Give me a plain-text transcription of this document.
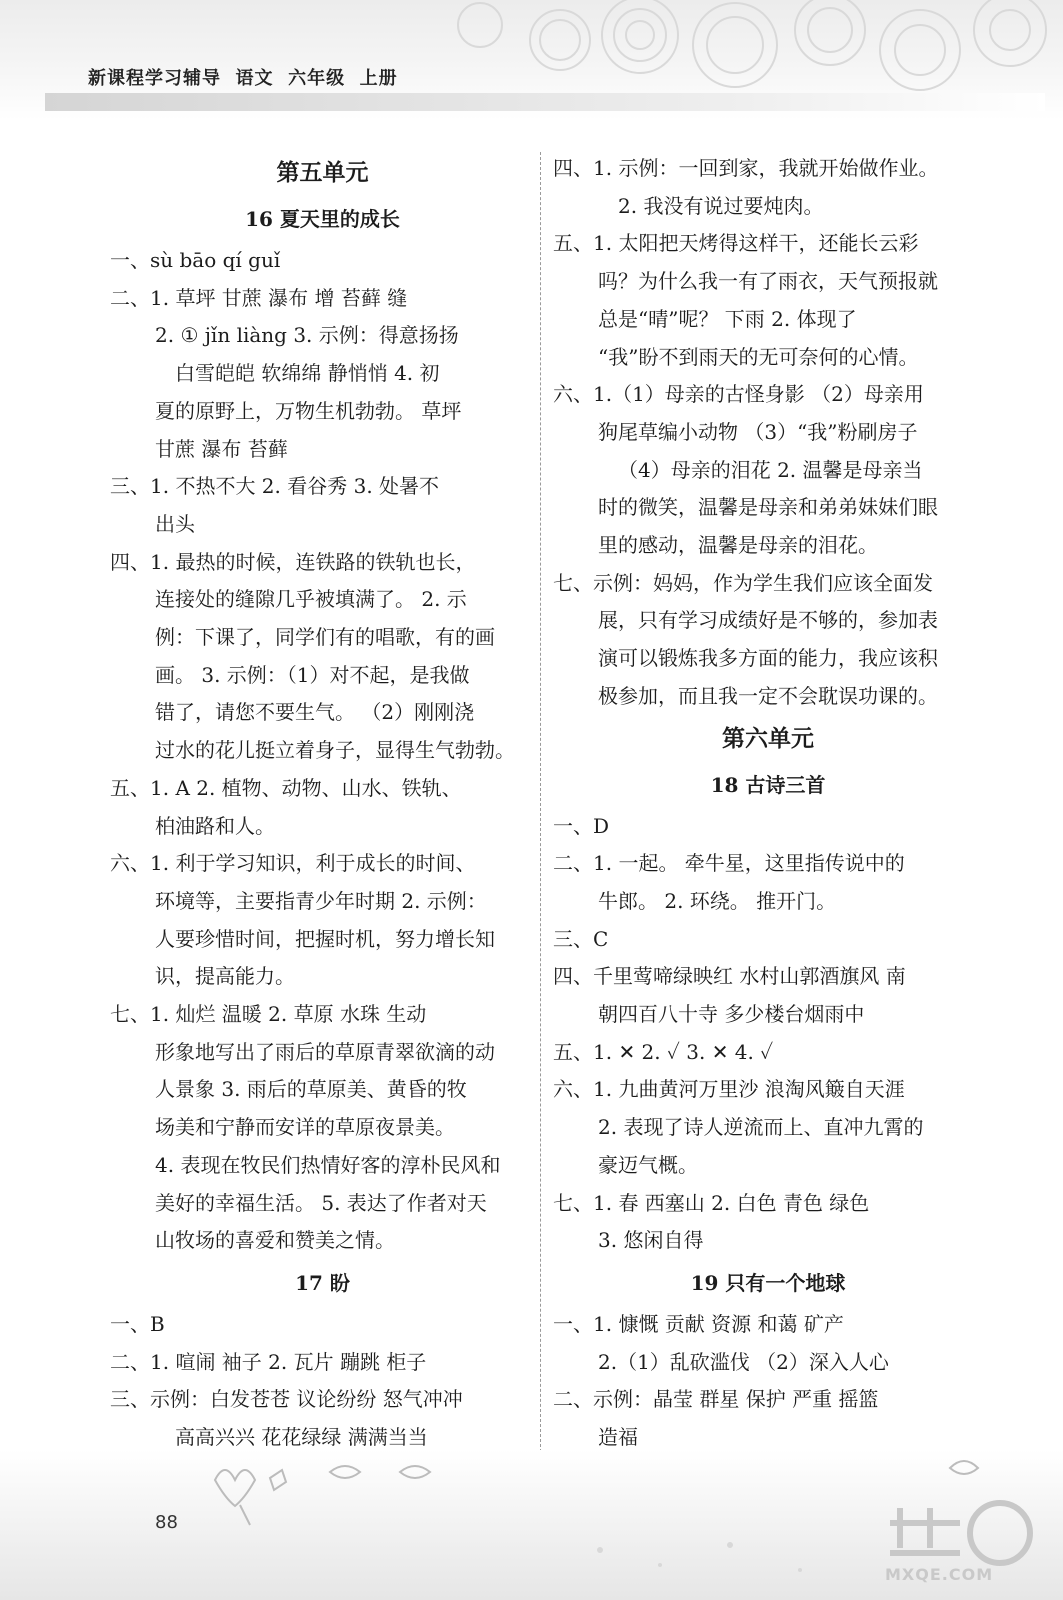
新课程学习辅导  语文  六年级  上册
第五单元
16 夏天里的成长

一、sù bāo qí guǐ

二、1. 草坪 甘蔗 瀑布 增 苔藓 缝

2. ① jǐn liàng 3. 示例：得意扬扬

白雪皑皑 软绵绵 静悄悄 4. 初

夏的原野上，万物生机勃勃。 草坪

甘蔗 瀑布 苔藓

三、1. 不热不大 2. 看谷秀 3. 处暑不

出头

四、1. 最热的时候，连铁路的铁轨也长，

连接处的缝隙几乎被填满了。 2. 示

例：下课了，同学们有的唱歌，有的画

画。 3. 示例：（1）对不起，是我做

错了，请您不要生气。 （2）刚刚浇

过水的花儿挺立着身子，显得生气勃勃。

五、1. A 2. 植物、动物、山水、铁轨、

柏油路和人。

六、1. 利于学习知识，利于成长的时间、

环境等，主要指青少年时期 2. 示例：

人要珍惜时间，把握时机，努力增长知

识，提高能力。

七、1. 灿烂 温暖 2. 草原 水珠 生动

形象地写出了雨后的草原青翠欲滴的动

人景象 3. 雨后的草原美、黄昏的牧

场美和宁静而安详的草原夜景美。

4. 表现在牧民们热情好客的淳朴民风和

美好的幸福生活。 5. 表达了作者对天

山牧场的喜爱和赞美之情。

17 盼

一、B

二、1. 喧闹 袖子 2. 瓦片 蹦跳 柜子

三、示例：白发苍苍 议论纷纷 怒气冲冲

高高兴兴 花花绿绿 满满当当

四、1. 示例：一回到家，我就开始做作业。

2. 我没有说过要炖肉。

五、1. 太阳把天烤得这样干，还能长云彩

吗？为什么我一有了雨衣，天气预报就

总是“晴”呢？ 下雨 2. 体现了

“我”盼不到雨天的无可奈何的心情。

六、1.（1）母亲的古怪身影 （2）母亲用

狗尾草编小动物 （3）“我”粉刷房子

（4）母亲的泪花 2. 温馨是母亲当

时的微笑，温馨是母亲和弟弟妹妹们眼

里的感动，温馨是母亲的泪花。

七、示例：妈妈，作为学生我们应该全面发

展，只有学习成绩好是不够的，参加表

演可以锻炼我多方面的能力，我应该积

极参加，而且我一定不会耽误功课的。

第六单元
18 古诗三首

一、D

二、1. 一起。 牵牛星，这里指传说中的

牛郎。 2. 环绕。 推开门。

三、C

四、千里莺啼绿映红 水村山郭酒旗风 南

朝四百八十寺 多少楼台烟雨中

五、1. ✕ 2. ✓ 3. ✕ 4. ✓

六、1. 九曲黄河万里沙 浪淘风簸自天涯

2. 表现了诗人逆流而上、直冲九霄的

豪迈气概。

七、1. 春 西塞山 2. 白色 青色 绿色

3. 悠闲自得

19 只有一个地球

一、1. 慷慨 贡献 资源 和蔼 矿产

2.（1）乱砍滥伐 （2）深入人心

二、示例：晶莹 群星 保护 严重 摇篮

造福

88
MXQE.COM
